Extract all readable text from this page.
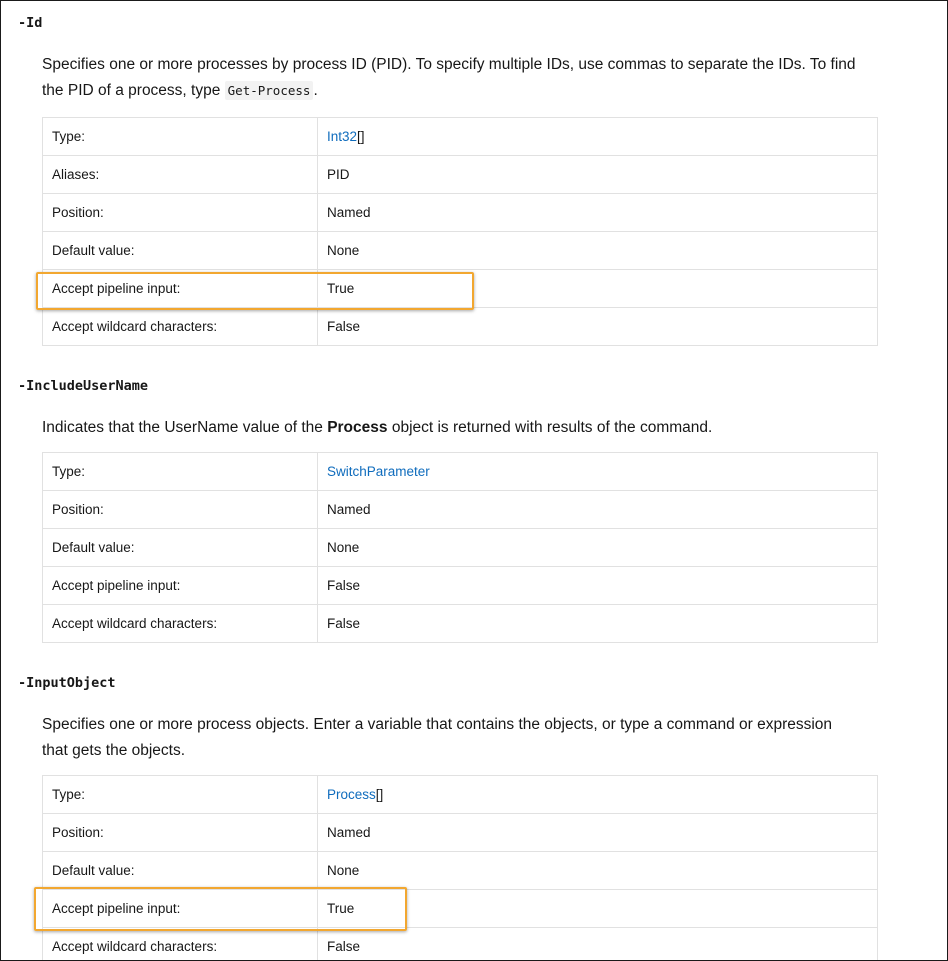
-Id

Specifies one or more processes by process ID (PID). To specify multiple IDs, use commas to separate the IDs. To find the PID of a process, type Get-Process .

Type:	Int32[]
Aliases:	PID
Position:	Named
Default value:	None
Accept pipeline input:	True
Accept wildcard characters:	False
-IncludeUserName

Indicates that the UserName value of the Process object is returned with results of the command.

Type:	SwitchParameter
Position:	Named
Default value:	None
Accept pipeline input:	False
Accept wildcard characters:	False
-InputObject

Specifies one or more process objects. Enter a variable that contains the objects, or type a command or expression that gets the objects.

Type:	Process[]
Position:	Named
Default value:	None
Accept pipeline input:	True
Accept wildcard characters:	False
